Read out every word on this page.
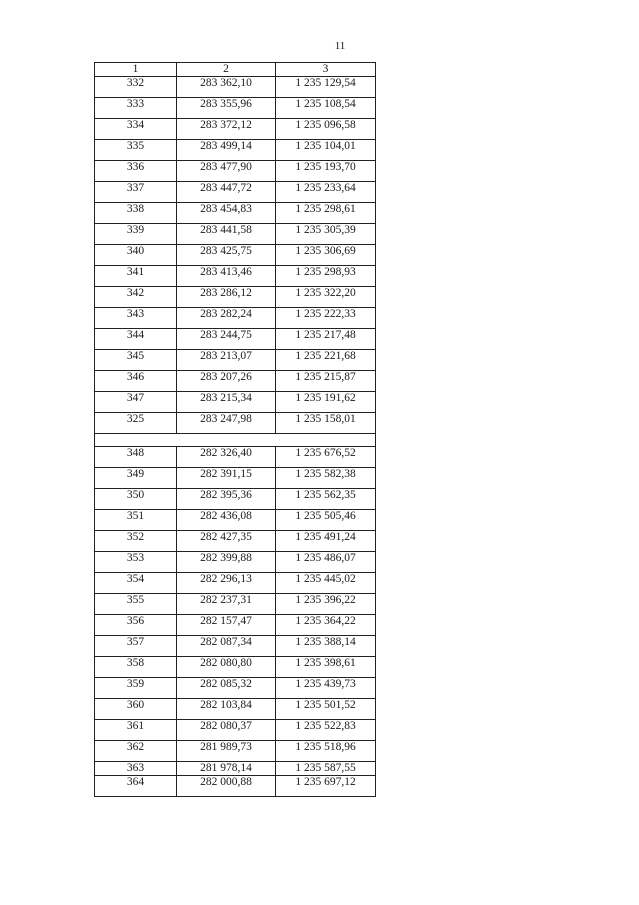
11
1	2	3
332	283 362,10	1 235 129,54
333	283 355,96	1 235 108,54
334	283 372,12	1 235 096,58
335	283 499,14	1 235 104,01
336	283 477,90	1 235 193,70
337	283 447,72	1 235 233,64
338	283 454,83	1 235 298,61
339	283 441,58	1 235 305,39
340	283 425,75	1 235 306,69
341	283 413,46	1 235 298,93
342	283 286,12	1 235 322,20
343	283 282,24	1 235 222,33
344	283 244,75	1 235 217,48
345	283 213,07	1 235 221,68
346	283 207,26	1 235 215,87
347	283 215,34	1 235 191,62
325	283 247,98	1 235 158,01

348	282 326,40	1 235 676,52
349	282 391,15	1 235 582,38
350	282 395,36	1 235 562,35
351	282 436,08	1 235 505,46
352	282 427,35	1 235 491,24
353	282 399,88	1 235 486,07
354	282 296,13	1 235 445,02
355	282 237,31	1 235 396,22
356	282 157,47	1 235 364,22
357	282 087,34	1 235 388,14
358	282 080,80	1 235 398,61
359	282 085,32	1 235 439,73
360	282 103,84	1 235 501,52
361	282 080,37	1 235 522,83
362	281 989,73	1 235 518,96
363	281 978,14	1 235 587,55
364	282 000,88	1 235 697,12
